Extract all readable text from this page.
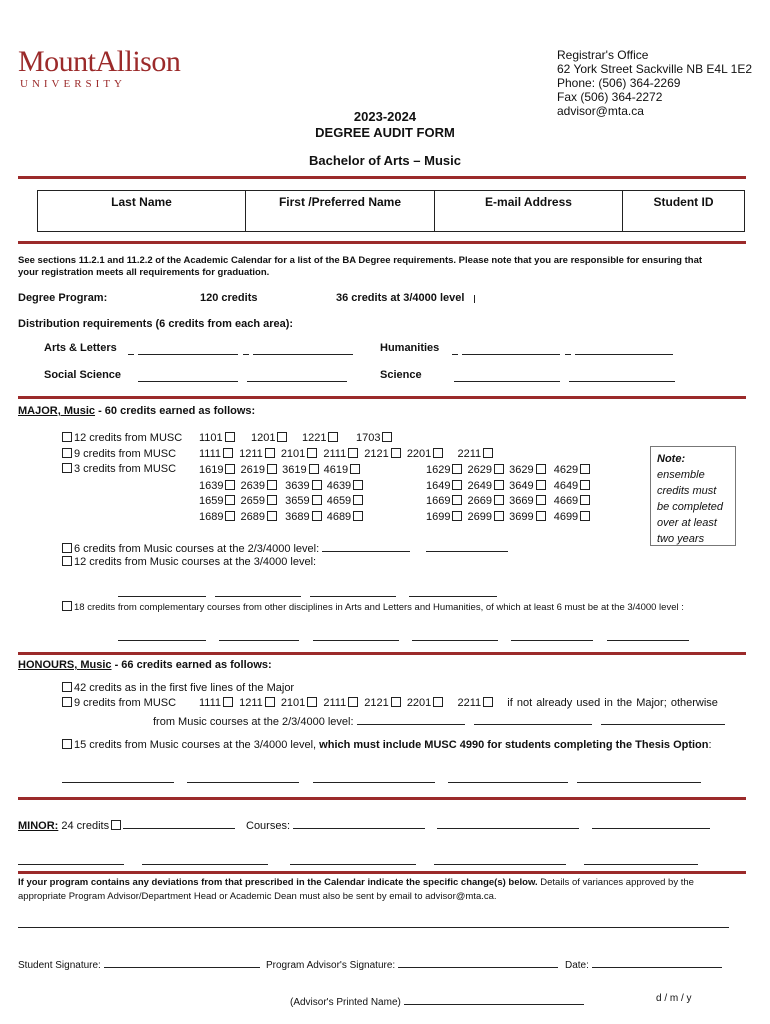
MountAllison
UNIVERSITY
Registrar's Office
62 York Street Sackville NB E4L 1E2
Phone: (506) 364-2269
Fax (506) 364-2272
advisor@mta.ca
2023-2024
DEGREE AUDIT FORM
Bachelor of Arts – Music
Last Name	First /Preferred Name	E-mail Address	Student ID
See sections 11.2.1 and 11.2.2 of the Academic Calendar for a list of the BA Degree requirements. Please note that you are responsible for ensuring that
your registration meets all requirements for graduation.
Degree Program:	120 credits	36 credits at 3/4000 level
Distribution requirements (6 credits from each area):
Arts & Letters
	Humanities

Social Science
	Science

MAJOR, Music - 60 credits earned as follows:
12 credits from MUSC 1101	1201	1221	1703
9 credits from MUSC 1111 1211 2101 2111 2121 2201 2211
3 credits from MUSC 1619 2619 3619 4619
1639 2639 3639 4639
1659 2659 3659 4659
1689 2689 3689 4689
1629 2629 3629 4629
1649 2649 3649 4649
1669 2669 3669 4669
1699 2699 3699 4699
Note:
ensemble
credits must
be completed
over at least
two years
6 credits from Music courses at the 2/3/4000 level:
12 credits from Music courses at the 3/4000 level:

18 credits from complementary courses from other disciplines in Arts and Letters and Humanities, of which at least 6 must be at the 3/4000 level :

HONOURS, Music - 66 credits earned as follows:
42 credits as in the first five lines of the Major
9 credits from MUSC 1111 1211 2101 2111 2121 2201 2211 if not already used in the Major; otherwise
from Music courses at the 2/3/4000 level:
15 credits from Music courses at the 3/4000 level, which must include MUSC 4990 for students completing the Thesis Option:

MINOR: 24 credits	Courses:

If your program contains any deviations from that prescribed in the Calendar indicate the specific change(s) below. Details of variances approved by the
appropriate Program Advisor/Department Head or Academic Dean must also be sent by email to advisor@mta.ca.
Student Signature:	Program Advisor's Signature:	Date:
(Advisor's Printed Name)	d / m / y
